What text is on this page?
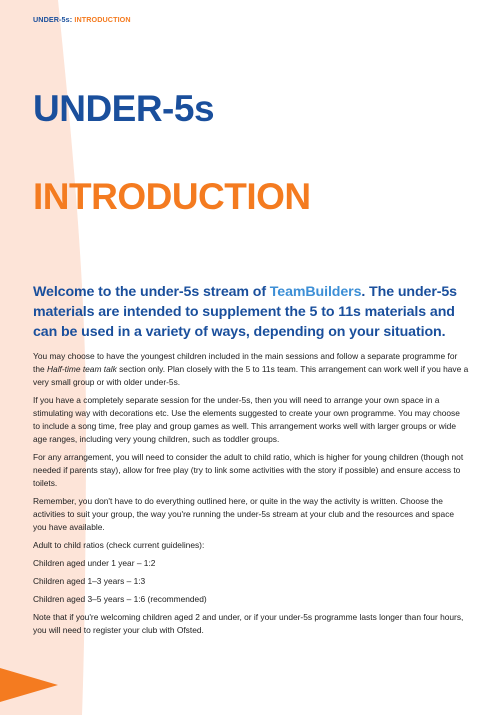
UNDER-5s: INTRODUCTION
UNDER-5s
INTRODUCTION

Welcome to the under-5s stream of TeamBuilders. The under-5s materials are intended to supplement the 5 to 11s materials and can be used in a variety of ways, depending on your situation.

You may choose to have the youngest children included in the main sessions and follow a separate programme for the Half-time team talk section only. Plan closely with the 5 to 11s team. This arrangement can work well if you have a very small group or with older under-5s.

If you have a completely separate session for the under-5s, then you will need to arrange your own space in a stimulating way with decorations etc. Use the elements suggested to create your own programme. You may choose to include a song time, free play and group games as well. This arrangement works well with larger groups or wide age ranges, including very young children, such as toddler groups.

For any arrangement, you will need to consider the adult to child ratio, which is higher for young children (though not needed if parents stay), allow for free play (try to link some activities with the story if possible) and ensure access to toilets.

Remember, you don't have to do everything outlined here, or quite in the way the activity is written. Choose the activities to suit your group, the way you're running the under-5s stream at your club and the resources and space you have available.

Adult to child ratios (check current guidelines):

Children aged under 1 year – 1:2

Children aged 1–3 years – 1:3

Children aged 3–5 years – 1:6 (recommended)

Note that if you're welcoming children aged 2 and under, or if your under-5s programme lasts longer than four hours, you will need to register your club with Ofsted.
